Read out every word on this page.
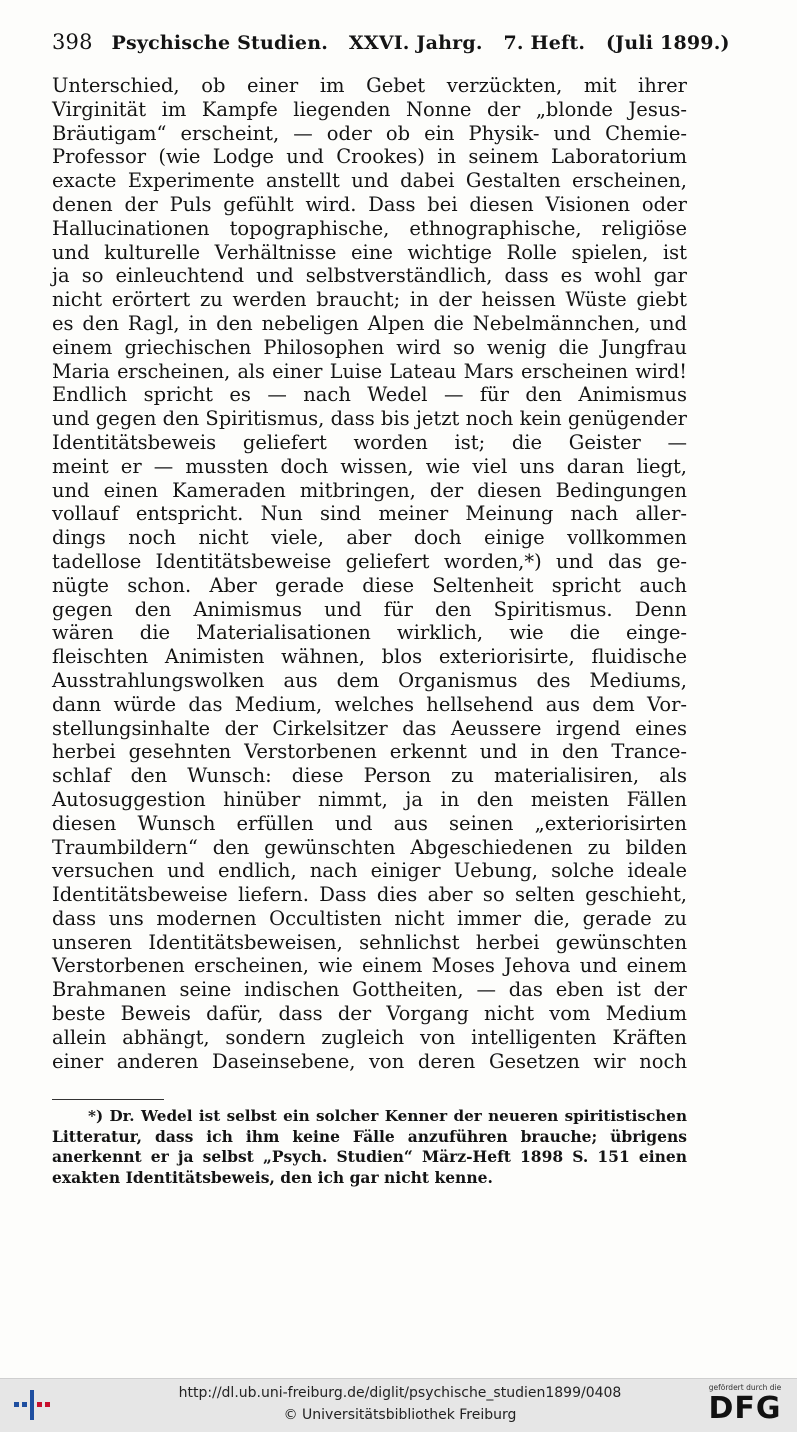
398 Psychische Studien. XXVI. Jahrg. 7. Heft. (Juli 1899.)
Unterschied, ob einer im Gebet verzückten, mit ihrer
Virginität im Kampfe liegenden Nonne der „blonde Jesus-
Bräutigam“ erscheint, — oder ob ein Physik- und Chemie-
Professor (wie Lodge und Crookes) in seinem Laboratorium
exacte Experimente anstellt und dabei Gestalten erscheinen,
denen der Puls gefühlt wird. Dass bei diesen Visionen oder
Hallucinationen topographische, ethnographische, religiöse
und kulturelle Verhältnisse eine wichtige Rolle spielen, ist
ja so einleuchtend und selbstverständlich, dass es wohl gar
nicht erörtert zu werden braucht; in der heissen Wüste giebt
es den Ragl, in den nebeligen Alpen die Nebelmännchen, und
einem griechischen Philosophen wird so wenig die Jungfrau
Maria erscheinen, als einer Luise Lateau Mars erscheinen wird!
Endlich spricht es — nach Wedel — für den Animismus
und gegen den Spiritismus, dass bis jetzt noch kein genügender
Identitätsbeweis geliefert worden ist; die Geister —
meint er — mussten doch wissen, wie viel uns daran liegt,
und einen Kameraden mitbringen, der diesen Bedingungen
vollauf entspricht. Nun sind meiner Meinung nach aller-
dings noch nicht viele, aber doch einige vollkommen
tadellose Identitätsbeweise geliefert worden,*) und das ge-
nügte schon. Aber gerade diese Seltenheit spricht auch
gegen den Animismus und für den Spiritismus. Denn
wären die Materialisationen wirklich, wie die einge-
fleischten Animisten wähnen, blos exteriorisirte, fluidische
Ausstrahlungswolken aus dem Organismus des Mediums,
dann würde das Medium, welches hellsehend aus dem Vor-
stellungsinhalte der Cirkelsitzer das Aeussere irgend eines
herbei gesehnten Verstorbenen erkennt und in den Trance-
schlaf den Wunsch: diese Person zu materialisiren, als
Autosuggestion hinüber nimmt, ja in den meisten Fällen
diesen Wunsch erfüllen und aus seinen „exteriorisirten
Traumbildern“ den gewünschten Abgeschiedenen zu bilden
versuchen und endlich, nach einiger Uebung, solche ideale
Identitätsbeweise liefern. Dass dies aber so selten geschieht,
dass uns modernen Occultisten nicht immer die, gerade zu
unseren Identitätsbeweisen, sehnlichst herbei gewünschten
Verstorbenen erscheinen, wie einem Moses Jehova und einem
Brahmanen seine indischen Gottheiten, — das eben ist der
beste Beweis dafür, dass der Vorgang nicht vom Medium
allein abhängt, sondern zugleich von intelligenten Kräften
einer anderen Daseinsebene, von deren Gesetzen wir noch
*) Dr. Wedel ist selbst ein solcher Kenner der neueren spiritistischen
Litteratur, dass ich ihm keine Fälle anzuführen brauche; übrigens
anerkennt er ja selbst „Psych. Studien“ März-Heft 1898 S. 151 einen
exakten Identitätsbeweis, den ich gar nicht kenne.
http://dl.ub.uni-freiburg.de/diglit/psychische_studien1899/0408
© Universitätsbibliothek Freiburg
gefördert durch die
DFG
